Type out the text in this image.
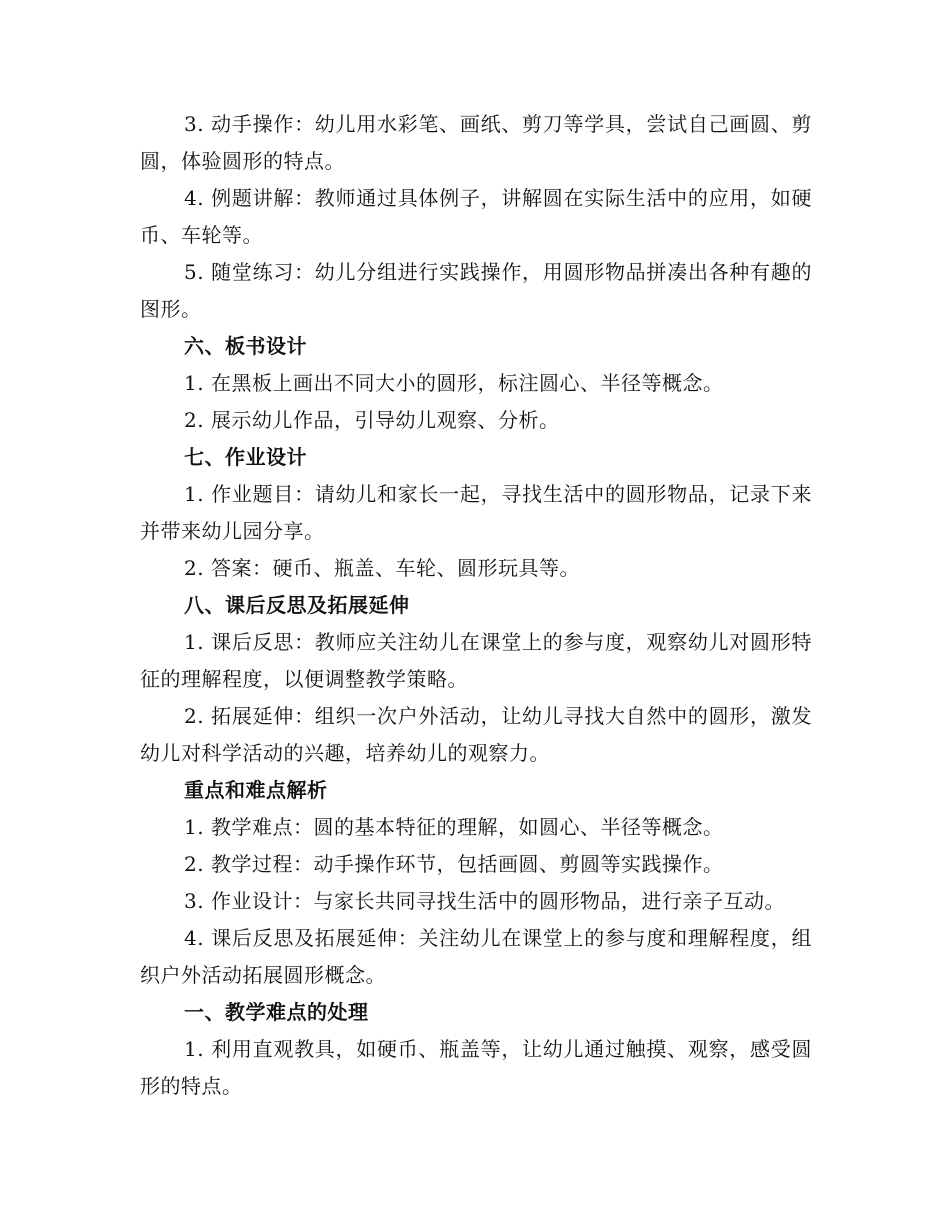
3. 动手操作：幼儿用水彩笔、画纸、剪刀等学具，尝试自己画圆、剪圆，体验圆形的特点。

4. 例题讲解：教师通过具体例子，讲解圆在实际生活中的应用，如硬币、车轮等。

5. 随堂练习：幼儿分组进行实践操作，用圆形物品拼凑出各种有趣的图形。

六、板书设计

1. 在黑板上画出不同大小的圆形，标注圆心、半径等概念。

2. 展示幼儿作品，引导幼儿观察、分析。

七、作业设计

1. 作业题目：请幼儿和家长一起，寻找生活中的圆形物品，记录下来并带来幼儿园分享。

2. 答案：硬币、瓶盖、车轮、圆形玩具等。

八、课后反思及拓展延伸

1. 课后反思：教师应关注幼儿在课堂上的参与度，观察幼儿对圆形特征的理解程度，以便调整教学策略。

2. 拓展延伸：组织一次户外活动，让幼儿寻找大自然中的圆形，激发幼儿对科学活动的兴趣，培养幼儿的观察力。

重点和难点解析

1. 教学难点：圆的基本特征的理解，如圆心、半径等概念。

2. 教学过程：动手操作环节，包括画圆、剪圆等实践操作。

3. 作业设计：与家长共同寻找生活中的圆形物品，进行亲子互动。

4. 课后反思及拓展延伸：关注幼儿在课堂上的参与度和理解程度，组织户外活动拓展圆形概念。

一、教学难点的处理

1. 利用直观教具，如硬币、瓶盖等，让幼儿通过触摸、观察，感受圆形的特点。
